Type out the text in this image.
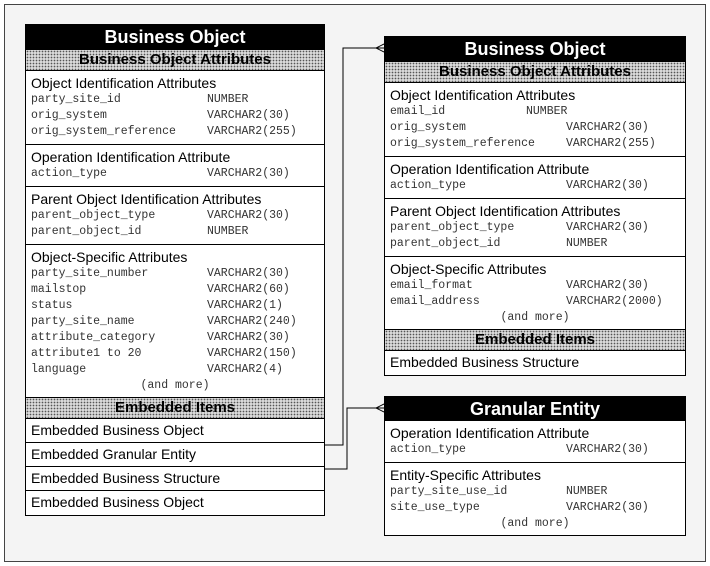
Business Object
Business Object Attributes
Object Identification Attributes
party_site_id	NUMBER
orig_system	VARCHAR2(30)
orig_system_reference	VARCHAR2(255)
Operation Identification Attribute
action_type	VARCHAR2(30)
Parent Object Identification Attributes
parent_object_type	VARCHAR2(30)
parent_object_id	NUMBER
Object-Specific Attributes
party_site_number	VARCHAR2(30)
mailstop	VARCHAR2(60)
status	VARCHAR2(1)
party_site_name	VARCHAR2(240)
attribute_category	VARCHAR2(30)
attribute1 to 20	VARCHAR2(150)
language	VARCHAR2(4)
(and more)
Embedded Items
Embedded Business Object
Embedded Granular Entity
Embedded Business Structure
Embedded Business Object
Business Object
Business Object Attributes
Object Identification Attributes
email_id	NUMBER
orig_system	VARCHAR2(30)
orig_system_reference	VARCHAR2(255)
Operation Identification Attribute
action_type	VARCHAR2(30)
Parent Object Identification Attributes
parent_object_type	VARCHAR2(30)
parent_object_id	NUMBER
Object-Specific Attributes
email_format	VARCHAR2(30)
email_address	VARCHAR2(2000)
(and more)
Embedded Items
Embedded Business Structure
Granular Entity
Operation Identification Attribute
action_type	VARCHAR2(30)
Entity-Specific Attributes
party_site_use_id	NUMBER
site_use_type	VARCHAR2(30)
(and more)
